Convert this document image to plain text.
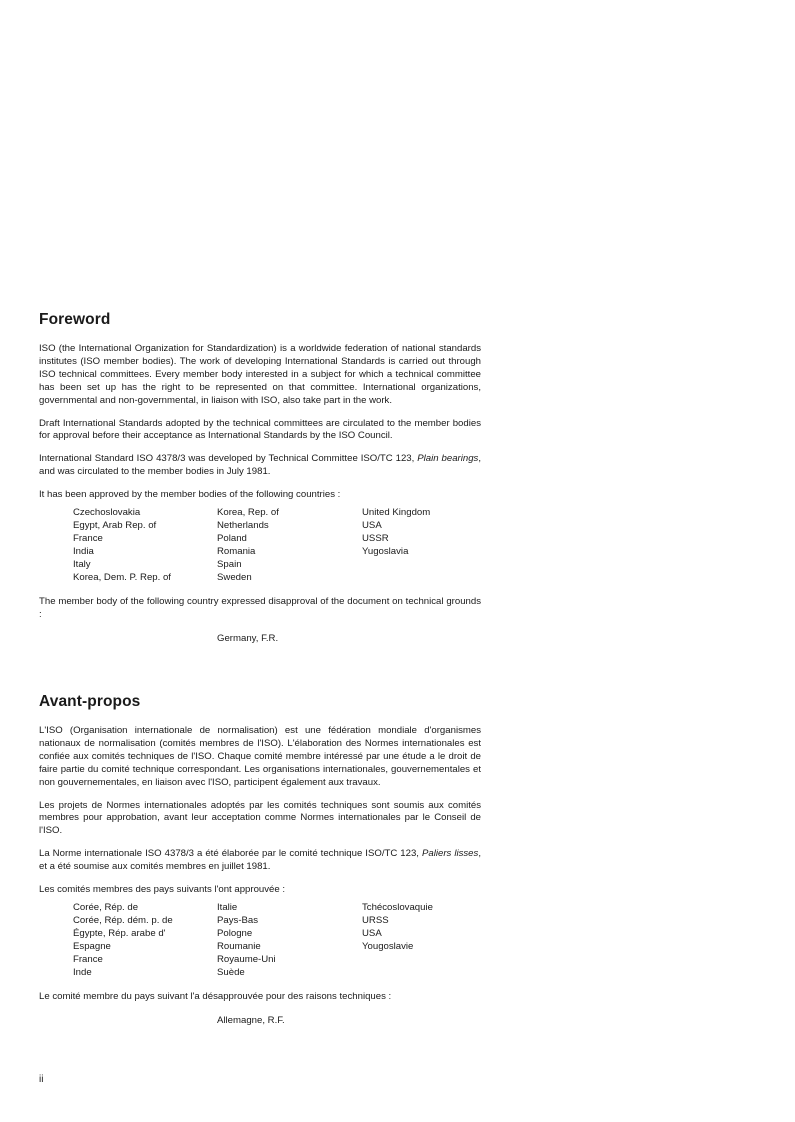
Foreword

ISO (the International Organization for Standardization) is a worldwide federation of national standards institutes (ISO member bodies). The work of developing International Standards is carried out through ISO technical committees. Every member body interested in a subject for which a technical committee has been set up has the right to be represented on that committee. International organizations, governmental and non-governmental, in liaison with ISO, also take part in the work.

Draft International Standards adopted by the technical committees are circulated to the member bodies for approval before their acceptance as International Standards by the ISO Council.

International Standard ISO 4378/3 was developed by Technical Committee ISO/TC 123, Plain bearings, and was circulated to the member bodies in July 1981.

It has been approved by the member bodies of the following countries :

Czechoslovakia
Egypt, Arab Rep. of
France
India
Italy
Korea, Dem. P. Rep. of
Korea, Rep. of
Netherlands
Poland
Romania
Spain
Sweden
United Kingdom
USA
USSR
Yugoslavia

The member body of the following country expressed disapproval of the document on technical grounds :

Germany, F.R.
Avant-propos

L'ISO (Organisation internationale de normalisation) est une fédération mondiale d'organismes nationaux de normalisation (comités membres de l'ISO). L'élaboration des Normes internationales est confiée aux comités techniques de l'ISO. Chaque comité membre intéressé par une étude a le droit de faire partie du comité technique correspondant. Les organisations internationales, gouvernementales et non gouvernementales, en liaison avec l'ISO, participent également aux travaux.

Les projets de Normes internationales adoptés par les comités techniques sont soumis aux comités membres pour approbation, avant leur acceptation comme Normes internationales par le Conseil de l'ISO.

La Norme internationale ISO 4378/3 a été élaborée par le comité technique ISO/TC 123, Paliers lisses, et a été soumise aux comités membres en juillet 1981.

Les comités membres des pays suivants l'ont approuvée :

Corée, Rép. de
Corée, Rép. dém. p. de
Égypte, Rép. arabe d'
Espagne
France
Inde
Italie
Pays-Bas
Pologne
Roumanie
Royaume-Uni
Suède
Tchécoslovaquie
URSS
USA
Yougoslavie

Le comité membre du pays suivant l'a désapprouvée pour des raisons techniques :

Allemagne, R.F.
ii
